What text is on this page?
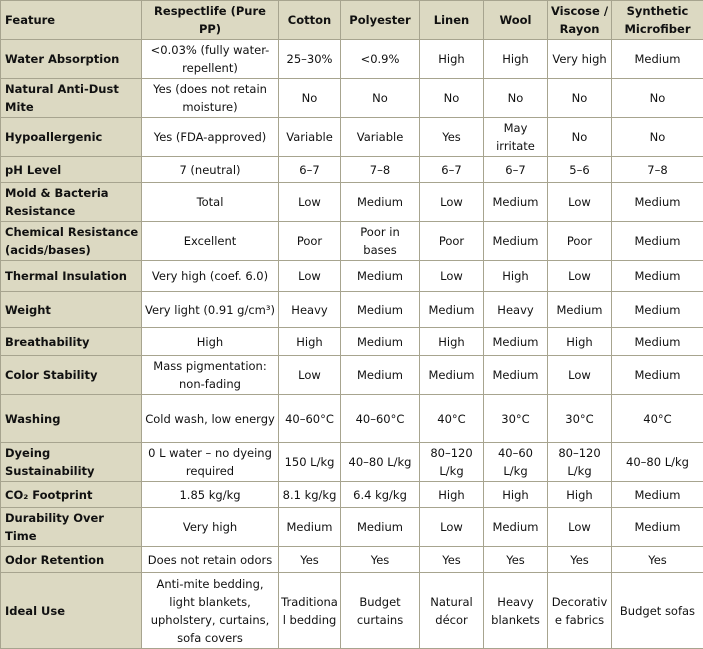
Feature	Respectlife (Pure PP)	Cotton	Polyester	Linen	Wool	Viscose / Rayon	Synthetic Microfiber
Water Absorption	<0.03% (fully water-repellent)	25–30%	<0.9%	High	High	Very high	Medium
Natural Anti-Dust Mite	Yes (does not retain moisture)	No	No	No	No	No	No
Hypoallergenic	Yes (FDA-approved)	Variable	Variable	Yes	May irritate	No	No
pH Level	7 (neutral)	6–7	7–8	6–7	6–7	5–6	7–8
Mold & Bacteria Resistance	Total	Low	Medium	Low	Medium	Low	Medium
Chemical Resistance (acids/bases)	Excellent	Poor	Poor in bases	Poor	Medium	Poor	Medium
Thermal Insulation	Very high (coef. 6.0)	Low	Medium	Low	High	Low	Medium
Weight	Very light (0.91 g/cm³)	Heavy	Medium	Medium	Heavy	Medium	Medium
Breathability	High	High	Medium	High	Medium	High	Medium
Color Stability	Mass pigmentation: non-fading	Low	Medium	Medium	Medium	Low	Medium
Washing	Cold wash, low energy	40–60°C	40–60°C	40°C	30°C	30°C	40°C
Dyeing Sustainability	0 L water – no dyeing required	150 L/kg	40–80 L/kg	80–120 L/kg	40–60 L/kg	80–120 L/kg	40–80 L/kg
CO₂ Footprint	1.85 kg/kg	8.1 kg/kg	6.4 kg/kg	High	High	High	Medium
Durability Over Time	Very high	Medium	Medium	Low	Medium	Low	Medium
Odor Retention	Does not retain odors	Yes	Yes	Yes	Yes	Yes	Yes
Ideal Use	Anti-mite bedding, light blankets, upholstery, curtains, sofa covers	Traditional bedding	Budget curtains	Natural décor	Heavy blankets	Decorative fabrics	Budget sofas
